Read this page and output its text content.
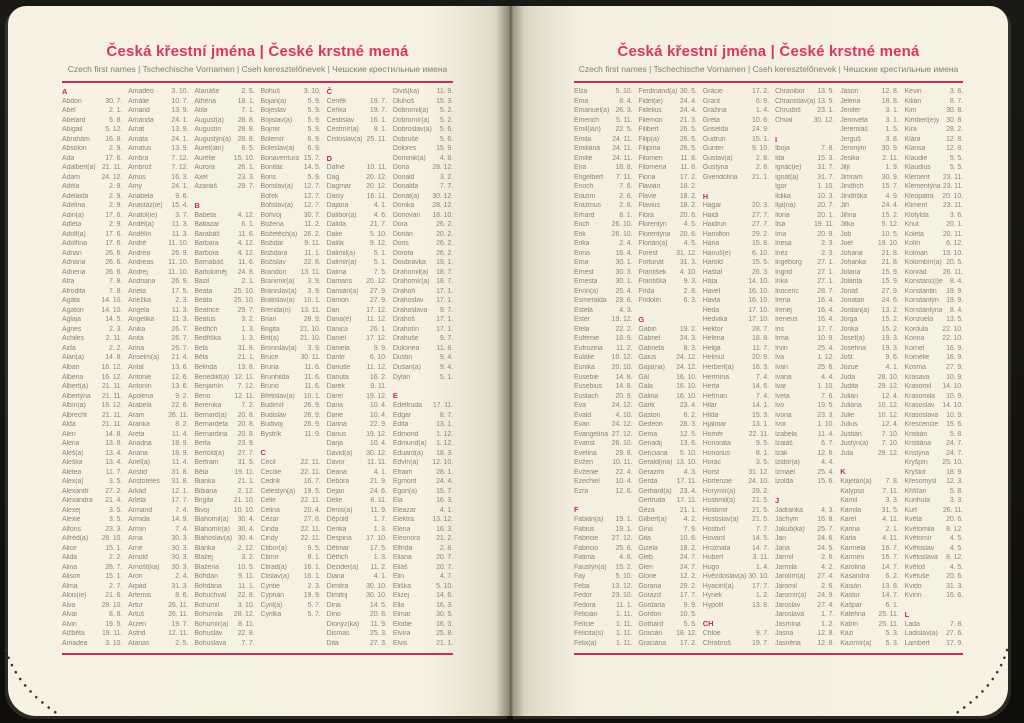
Česká křestní jména | České krstné mená
Czech first names | Tschechische Vornamen | Cseh keresztelőnevek | Чешские крестильные имена
A
Abdon	30. 7.
Ábel	2. 1.
Abelard	5. 8.
Abigail	5. 12.
Abrahám 16. 8.
Absolon	2. 9.
Ada	17. 6.
Adalbert(a) 21. 11.
Adam	24. 12.
Adéla	2. 9.
Adelaida	2. 9.
Adelína	2. 9.
Adin(a)	17. 6.
Adléta	2. 9.
Adolf(a)	17. 6.
Adolfína	17. 6.
Adrian	26. 6.
Adriána	26. 6.
Adriena	26. 6.
Afra	7. 8.
Afrodita	7. 8.
Agáta	14. 10.
Agaton	14. 10.
Aglaja	14. 5.
Agnes	2. 3.
Achiles	2. 11.
Aida	2. 2.
Alan(a)	14. 8.
Alban	16. 12.
Albena	16. 12.
Albert(a) 21. 11.
Albertýna 21. 11.
Albín(a) 16. 12.
Albrecht 21. 11.
Alda	21. 11.
Alen	14. 8.
Alena	13. 8.
Aleš(a)	13. 4.
Aleška	13. 4.
Aletea	11. 7.
Alex(a)	3. 5.
Alexandr 27. 2.
Alexandra 21. 4.
Alexej	3. 5.
Alexie	3. 5.
Alfons	23. 3.
Alfréd(a) 28. 10.
Alice	15. 1.
Alida	2. 2.
Alina	28. 7.
Alison	15. 1.
Alma	2. 7.
Alois(ie)	21. 6.
Alva	28. 10.
Alvar	8. 8.
Alvin	19. 5.
Alžběta 19. 11.
Amadea	3. 10.
Amadeo	3. 10.
Amálie	10. 7.
Amand	13. 9.
Amanda	24. 1.
Amát	13. 9.
Amáta	24. 1.
Amatus	13. 9.
Ambra	7. 12.
Ambrož	7. 12.
Ámos	16. 3.
Amy	24. 1.
Anabela	9. 6.
Anastáz(ie) 15. 4.
Anatol(ie)	3. 7.
Anděl(a)	11. 3.
Andělín	11. 3.
André	11. 10.
Andrea	26. 9.
Andreas 11. 10.
Andrej	11. 10.
Andriana 26. 9.
Aneta	17. 5.
Anežka	2. 3.
Angela	11. 3.
Angelika	11. 3.
Anika	26. 7.
Anita	26. 7.
Anna	26. 7.
Anselm(a) 21. 4.
Antal	13. 6.
Antonie	12. 6.
Antonín	13. 6.
Apolena	9. 2.
Arabela	22. 6.
Aram	26. 11.
Aranka	8. 2.
Areta	11. 4.
Ariadna	18. 9.
Ariana	18. 9.
Ariel(a)	11. 4.
Aristid	31. 8.
Aristoteles 31. 8.
Arkád	12. 1.
Arleta	17. 7.
Armand	7. 4.
Armida	14. 9.
Armin	7. 4.
Arna	30. 3.
Arne	30. 3.
Arnold	30. 3.
Arnošt(ka) 30. 3.
Áron	2. 4.
Arpád	31. 3.
Artemis	8. 6.
Artur	26. 11.
Artuš	26. 11.
Arzen	19. 7.
Astrid	12. 11.
Atanas	2. 5.
Atanáše	2. 5.
Athéna	18. 1.
Atila	7. 1.
August(a) 28. 8.
Augustín 28. 8.
Augustýn(a) 28. 8.
Aurel(ián)	8. 5.
Aurélie	15. 10.
Aurora	26. 1.
Axel	23. 3.
Azariáš	29. 7.
B
Babeta	4. 12.
Baltazar	6. 1.
Barabáš	11. 6.
Barbara	4. 12.
Barbora	4. 12.
Barnabáš 11. 6.
Bartoloměj 24. 8.
Bazil	2. 1.
Beata	25. 10.
Beáta	25. 10.
Beatrice	29. 7.
Beatus	3. 2.
Bedřich	1. 3.
Bedřiška	1. 3.
Bela	31. 8.
Běla	21. 1.
Belinda	13. 8.
Benedikt(a) 12. 11.
Benjamín 7. 12.
Beno	12. 11.
Berenika	7. 2.
Bernard(a) 20. 8.
Bernardeta 20. 8.
Bernardina 20. 8.
Berta	23. 9.
Bertold(a) 27. 7.
Bertram	31. 5.
Běta	19. 11.
Bianka	21. 1.
Bibiana	2. 12.
Birgita	21. 10.
Bivoj	10. 10.
Blahomil(a) 30. 4.
Blahomír(a) 30. 4.
Blahoslav(a) 30. 4.
Blanka	2. 12.
Blažej	3. 2.
Blažena	10. 5.
Bohdan	9. 11.
Bohdana 11. 1.
Bohuchval 22. 8.
Bohumil	3. 10.
Bohumila 28. 12.
Bohumír(a) 8. 11.
Bohuslav 22. 8.
Bohuslava 7. 7.
Bohuš	3. 10.
Bojan(a)	5. 9.
Bojeslav	5. 9.
Bojislav(a) 5. 9.
Bojmír	5. 9.
Bolemír	6. 9.
Boleslav(a) 6. 9.
Bonaventura 15. 7.
Bonifác	14. 5.
Boris	5. 9.
Borislav(a) 12. 7.
Bořek	12. 7.
Bořislav(a) 12. 7.
Bořivoj	30. 7.
Božena	11. 2.
Božetěch(a) 26. 2.
Božidar	9. 11.
Božidara 11. 1.
Božislav	22. 8.
Brandon 13. 11.
Branimír(a) 3. 9.
Branislav(a) 3. 9.
Bratislav(a) 10. 1.
Brenda(n) 13. 11.
Brian	28. 9.
Brigita	21. 10.
Brit(a)	21. 10.
Bronislav(a) 3. 9.
Bruce	30. 11.
Bruna	11. 6.
Brunhilda 11. 6.
Bruno	11. 6.
Břetislav(a) 10. 1.
Budimír	26. 9.
Budislav	26. 9.
Budivoj	26. 9.
Bystrík	11. 9.
C
Cecil	22. 11.
Cecílie	22. 11.
Cedrik	16. 7.
Celestýn(a) 19. 5.
Celie	22. 11.
Celina	20. 4.
Cézar	27. 8.
Cinda	22. 11.
Cindy	22. 11.
Ctibor(a)	9. 5.
Ctimír	8. 1.
Ctirad(a) 16. 1.
Ctislav(a) 16. 1.
Cyntie	2. 3.
Cyprián	19. 9.
Cyril(a)	5. 7.
Cyrilka	5. 7.
Č
Čeněk	19. 7.
Čeňka	19. 7.
Čestislav 16. 1.
Čestmír(a) 8. 1.
Čistoslav(a) 25. 11.
D
Dafné	10. 11.
Dag	20. 12.
Dagmar 20. 12.
Daisy	16. 11.
Dajana	4. 1.
Dalibor(a) 4. 6.
Dalida	21. 7.
Dalie	5. 10.
Dalila	9. 12.
Dalimil(a)	5. 1.
Dalimír(a) 5. 1.
Dalma	7. 5.
Damaris 20. 12.
Damián(a) 27. 9.
Damon	27. 9.
Dan	17. 12.
Dana(é) 11. 12.
Danica	26. 1.
Daniel	17. 12.
Daniela	9. 9.
Dante	6. 10.
Danuše 11. 12.
Danuta	16. 2.
Darek	9. 11.
Darel	19. 12.
Daria	10. 4.
Darie	10. 4.
Darina	22. 9.
Darius	19. 12.
Darja	10. 4.
David(a) 30. 12.
Davor	11. 11.
Deana	4. 1.
Debora	21. 9.
Dejan	24. 6.
Delie	8. 11.
Denis(a)	11. 9.
Děpold	1. 7.
Derika	1. 3.
Despina 17. 10.
Dětmar	17. 5.
Dětřich	1. 3.
Dezider(a) 11. 2.
Diana	4. 1.
Dimitra	30. 10.
Dimitrij	30. 10.
Dina	14. 5.
Dino	20. 8.
Dionýz(ka) 11. 9.
Dismas	25. 3.
Dita	27. 3.
Diviš(ka) 11. 9.
Dluhoš	15. 3.
Dobromil(a) 5. 2.
Dobromír(a) 5. 2.
Dobroslav(a) 5. 6.
Dobruše	5. 6.
Dolores	15. 9.
Dominik(a) 4. 8.
Dona	28. 12.
Donald	3. 2.
Donalda	7. 7.
Donát(a) 30. 12.
Donika	28. 12.
Donovan 18. 10.
Dora	26. 2.
Dorián	20. 2.
Doris	26. 2.
Dorota	26. 2.
Doubravka 19. 1.
Drahomil(a) 18. 7.
Drahomír(a) 18. 7.
Drahoň	17. 1.
Drahoslav 17. 1.
Drahoslava 9. 7.
Drahoš	17. 1.
Drahotín 17. 1.
Drahuše	9. 7.
Dulcinea 11. 8.
Dustin	9. 4.
Dušan(a)	9. 4.
Dylan	5. 1.
E
Edeltruda 17. 11.
Edgar	8. 7.
Edita	13. 1.
Edmond	1. 12.
Edmund(a) 1. 12.
Eduard(a) 18. 3.
Edvín(a) 12. 10.
Efraim	28. 1.
Egmont	24. 4.
Egon(a)	15. 7.
Ela	16. 3.
Eleazar	4. 1.
Elektra	13. 12.
Elena	16. 3.
Eleonora 21. 2.
Elfrída	2. 8.
Eliana	20. 7.
Eliáš	20. 7.
Elin	4. 7.
Eliška	5. 10.
Elizej	14. 6.
Ella	16. 3.
Elmar	30. 5.
Elodie	16. 3.
Elvíra	25. 8.
Elvis	21. 1.
Česká křestní jména | České krstné mená
Czech first names | Tschechische Vornamen | Cseh keresztelőnevek | Чешские крестильные имена
Elza	5. 10.
Ema	8. 4.
Emanuel(a) 26. 3.
Emerich 5. 11.
Emil(ián) 22. 5.
Emila	24. 11.
Emiliána 24. 11.
Emilie	24. 11.
Ena	18. 8.
Engelbert 7. 11.
Enoch	7. 6.
Erazim	2. 6.
Erazmus	2. 6.
Erhard	8. 1.
Erich	26. 10.
Erik	26. 10.
Erika	2. 4.
Erina	16. 4.
Erna	30. 1.
Ernest	30. 3.
Ernesta	30. 1.
Ervín(a) 25. 4.
Esmeralda 29. 6.
Estela	4. 3.
Ester	19. 12.
Etela	22. 2.
Eufémie 18. 9.
Eufrozina 11. 2.
Eulálie 10. 12.
Eunika 20. 10.
Eusebie 14. 8.
Eusebius 14. 8.
Eustach 20. 9.
Eva	24. 12.
Evald	4. 10.
Evan	24. 12.
Evangelína 27. 12.
Evarist 26. 10.
Evelína	29. 8.
Evžen	10. 11.
Evženie 22. 4.
Ezechiel 10. 4.
Ezra	12. 6.
F
Fabián(a) 19. 1.
Fabius	19. 1.
Fabricie 27. 12.
Fabricio 25. 6.
Fatima	4. 6.
Faustýn(a) 15. 2.
Fay	5. 10.
Féba	13. 12.
Fedor	23. 10.
Fedora	11. 1.
Felicián	1. 11.
Felície	1. 11.
Felicita(s) 1. 11.
Felix(a)	1. 11.
Ferdinand(a) 30. 5.
Fidel(ie) 24. 4.
Fidelius	24. 4.
Filemon 21. 3.
Filibert	26. 5.
Filip(a)	26. 5.
Filipína	26. 5.
Filomen	11. 8.
Filoména 11. 8.
Fiona	17. 2.
Flavián	18. 2.
Flavie	18. 2.
Flavius	18. 2.
Flóra	20. 6.
Florentýn 4. 5.
Florentýna 20. 6.
Florián(a) 4. 5.
Forest	31. 12.
Fortunát 31. 3.
František 4. 10.
Františka 9. 3.
Frída	2. 8.
Fridolín	6. 3.
G
Gabin	19. 2.
Gabriel	24. 3.
Gabriela	8. 3.
Gaius	24. 12.
Gaja(na) 24. 12.
Gál	16. 10.
Gala	16. 10.
Galina	16. 10.
Garik	23. 4.
Gaston	6. 2.
Gedeon 28. 3.
Gema	12. 5.
Genadij	13. 6.
Genciana 5. 10.
Gerald(ina) 13. 10.
Gerazim	4. 3.
Gerda	17. 11.
Gerhard(a) 23. 4.
Gertruda 17. 11.
Géza	21. 1.
Gilbert(a) 4. 2.
Gina	7. 9.
Gita	10. 6.
Gizela	18. 2.
Gleb	24. 7.
Glen	24. 7.
Glorie	12. 2.
Gorana	29. 2.
Gorazd	17. 7.
Gordana	9. 9.
Gordon	10. 5.
Gothard	5. 5.
Gracián 18. 12.
Graciána 17. 2.
Grácie	17. 2.
Grant	6. 9.
Gražina	1. 4.
Gréta	10. 6.
Griselda	24. 9.
Gudrun	15. 1.
Gunter	9. 10.
Gustav(a)	2. 8.
Gustýna	2. 8.
Gvendolína 21. 1.
H
Hagar	20. 3.
Haidi	27. 7.
Haidrun	27. 7.
Hamilton	29. 2.
Hana	15. 8.
Hanuš(e)	6. 10.
Harold	15. 5.
Haštal	26. 3.
Háta	14. 10.
Havel	16. 10.
Havla	16. 10.
Heda	17. 10.
Hedvika	17. 10.
Hektor	28. 7.
Helena	18. 8.
Helga	11. 7.
Helmut	20. 9.
Herbert(a)	16. 3.
Hermína	7. 4.
Herta	14. 6.
Heřman	7. 4.
Hilar	14. 1.
Hilda	15. 3.
Hjalmar	13. 1.
Homér	22. 11.
Honoráta	9. 5.
Honorius	8. 1.
Horác	3. 5.
Horst	31. 12.
Hortenzie 24. 10.
Horymír(a) 29. 2.
Hostimil(a) 21. 5.
Hostimír	21. 5.
Hostislav(a) 21. 5.
Hostivít	7. 7.
Hovard	14. 5.
Hroznata	14. 7.
Hubert	3. 11.
Hugo	1. 4.
Hvězdoslav(a) 30. 10.
Hyacint(a)	17. 7.
Hynek	1. 2.
Hypolit	13. 8.
CH
Chloe	9. 7.
Chrabroš	19. 7.
Chranibor 13. 5.
Chranislav(a) 13. 5.
Chrudoš 23. 1.
Chval	30. 12.
I
Iboja	7. 8.
Ida	15. 3.
Ignác(ie) 31. 7.
Ignát(a)	31. 7.
Igor	1. 10.
Ildika	10. 3.
Ilja(na)	20. 7.
Ilona	20. 1.
Ilsa	19. 11.
Ima	20. 9.
Inesa	2. 3.
Inéz	2. 3.
Ingeborg 27. 1.
Ingrid	27. 1.
Inka	27. 1.
Inocenc	28. 7.
Irena	16. 4.
Irenej	16. 4.
Ireneus	16. 4.
Iris	17. 7.
Irma	10. 9.
Irvin	25. 4.
Iva	1. 12.
Ivan	25. 6.
Ivana	4. 4.
Ivar	1. 10.
Iveta	7. 6.
Ivo	19. 5.
Ivona	23. 3.
Ivor	1. 10.
Izabela	11. 4.
Izaiáš	6. 7.
Izák	12. 6.
Izidor(a)	4. 4.
Izmael	25. 4.
Izolda	15. 6.
J
Jadranka	4. 3.
Jáchym	16. 8.
Jakub(ka) 25. 7.
Jan	24. 6.
Jana	24. 5.
Jarmil	2. 6.
Jarmila	4. 2.
Jarolím(a) 27. 4.
Jaromil	2. 6.
Jaromír(a) 24. 9.
Jaroslav 27. 4.
Jaroslava 1. 7.
Jasmína	1. 2.
Jasna	12. 8.
Jasněna 12. 8.
Jáson	12. 8.
Jelena	18. 8.
Jenifer	3. 1.
Jenovéfa	3. 1.
Jeremiáš	1. 5.
Jerguš	3. 8.
Jeroným 30. 9.
Jesika	2. 11.
Jiljí	1. 9.
Jimram	30. 9.
Jindřich	15. 7.
Jindřiška	4. 9.
Jiří	24. 4.
Jiřina	15. 2.
Jitka	5. 12.
Job	10. 5.
Joel	19. 10.
Johana	21. 8.
Johanka 21. 8.
Jolana	15. 9.
Jolanta	15. 9.
Jonáš	27. 9.
Jonatan 24. 6.
Jordan(a) 13. 2.
Jorga	15. 2.
Jorika	15. 2.
Josef(a) 19. 3.
Josefína 19. 3.
Jošt	9. 6.
Jozue	4. 1.
Juda	28. 10.
Judita	29. 12.
Julián	12. 4.
Juliána 10. 12.
Julie	10. 12.
Julius	12. 4.
Justián	7. 10.
Justýn(a) 7. 10.
Juta	29. 12.
K
Kajetán(a) 7. 8.
Kalypso	7. 11.
Kamil	3. 3.
Kamila	31. 5.
Karel	4. 11.
Karina	2. 1.
Karla	4. 11.
Karmela 16. 7.
Karmen	16. 7.
Karolína 14. 7.
Kasandra 6. 2.
Kasián	13. 8.
Kastor	14. 7.
Kašpar	6. 1.
Kateřina 25. 11.
Katrin	25. 11.
Kazi	5. 3.
Kazimír(a) 5. 3.
Kevin	3. 6.
Kilián	8. 7.
Kim	30. 8.
Kimberl(e)y 30. 8.
Kira	28. 2.
Klára	12. 8.
Klarisa	12. 8.
Klaudie	5. 5.
Klaudius	5. 5.
Klement 23. 11.
Klementýna 23. 11.
Kleopatra 20. 10.
Kliment 23. 11.
Klotylda	3. 6.
Knut	20. 1.
Koleta	20. 11.
Kolín	6. 12.
Kolman 13. 10.
Kolombín(a) 20. 5.
Konrád 26. 11.
Konstanc(i)e 8. 4.
Konstantin 19. 9.
Konstantýn 19. 9.
Konstantýna 8. 4.
Konzuela 13. 5.
Kordula 22. 10.
Korina	22. 10.
Kornel	16. 9.
Kornélie 16. 9.
Kosma	27. 9.
Krasava 10. 9.
Krasomil 14. 10.
Krasomila 10. 9.
Krasoslav 14. 10.
Krasoslava 10. 9.
Krescencie 15. 6.
Kristián	5. 8.
Kristiána 24. 7.
Kristýna 24. 7.
Kryšpín 25. 10.
Kryštof	18. 9.
Křesomysl 12. 3.
Křišťan	5. 8.
Kunhuta	3. 3.
Kurt	26. 11.
Květa	20. 6.
Květomila 8. 12.
Květomír	4. 5.
Květoslav 4. 5.
Květoslava 8. 12.
Květoš	4. 5.
Květuše 20. 6.
Kvido	31. 3.
Kvirin	16. 6.
L
Lada	7. 8.
Ladislav(a) 27. 6.
Lambert 17. 9.
